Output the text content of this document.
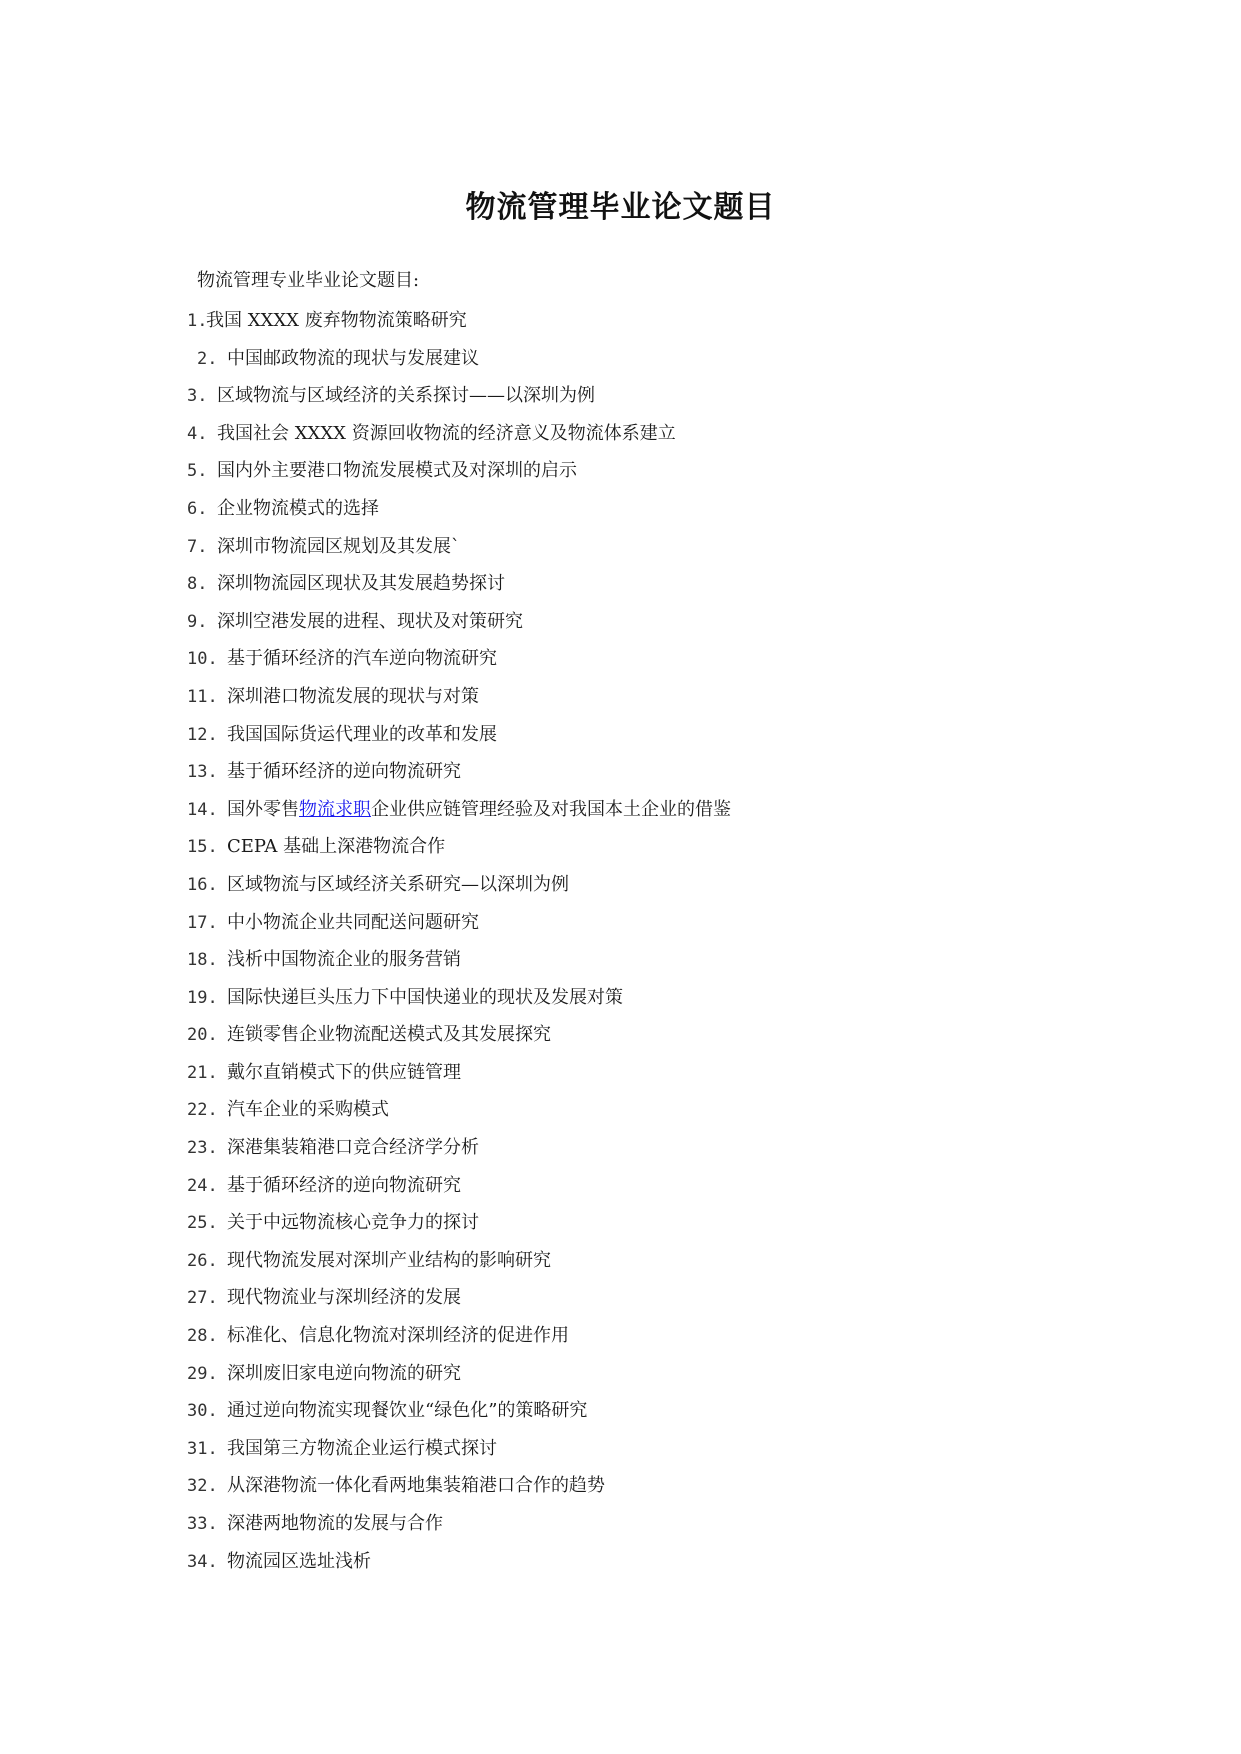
物流管理毕业论文题目

物流管理专业毕业论文题目:

1.我国 XXXX 废弃物物流策略研究
2. 中国邮政物流的现状与发展建议
3. 区域物流与区域经济的关系探讨——以深圳为例
4. 我国社会 XXXX 资源回收物流的经济意义及物流体系建立
5. 国内外主要港口物流发展模式及对深圳的启示
6. 企业物流模式的选择
7. 深圳市物流园区规划及其发展`
8. 深圳物流园区现状及其发展趋势探讨
9. 深圳空港发展的进程、现状及对策研究
10. 基于循环经济的汽车逆向物流研究
11. 深圳港口物流发展的现状与对策
12. 我国国际货运代理业的改革和发展
13. 基于循环经济的逆向物流研究
14. 国外零售物流求职企业供应链管理经验及对我国本土企业的借鉴
15. CEPA 基础上深港物流合作
16. 区域物流与区域经济关系研究—以深圳为例
17. 中小物流企业共同配送问题研究
18. 浅析中国物流企业的服务营销
19. 国际快递巨头压力下中国快递业的现状及发展对策
20. 连锁零售企业物流配送模式及其发展探究
21. 戴尔直销模式下的供应链管理
22. 汽车企业的采购模式
23. 深港集装箱港口竞合经济学分析
24. 基于循环经济的逆向物流研究
25. 关于中远物流核心竞争力的探讨
26. 现代物流发展对深圳产业结构的影响研究
27. 现代物流业与深圳经济的发展
28. 标准化、信息化物流对深圳经济的促进作用
29. 深圳废旧家电逆向物流的研究
30. 通过逆向物流实现餐饮业“绿色化”的策略研究
31. 我国第三方物流企业运行模式探讨
32. 从深港物流一体化看两地集装箱港口合作的趋势
33. 深港两地物流的发展与合作
34. 物流园区选址浅析
